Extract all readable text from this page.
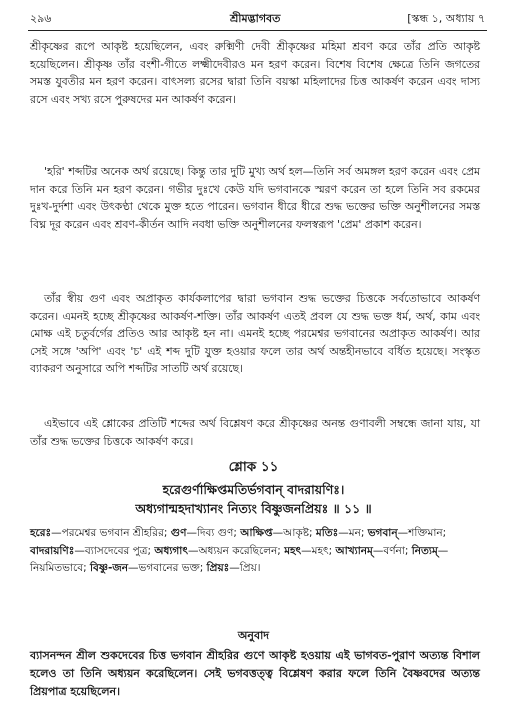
২৯৬	শ্রীমদ্ভাগবত	[স্কন্ধ ১, অধ্যায় ৭

শ্রীকৃষ্ণের রূপে আকৃষ্ট হয়েছিলেন, এবং রুক্মিণী দেবী শ্রীকৃষ্ণের মহিমা শ্রবণ করে তাঁর প্রতি আকৃষ্ট হয়েছিলেন। শ্রীকৃষ্ণ তাঁর বংশী-গীতে লক্ষ্মীদেবীরও মন হরণ করেন। বিশেষ বিশেষ ক্ষেত্রে তিনি জগতের সমস্ত যুবতীর মন হরণ করেন। বাৎসল্য রসের দ্বারা তিনি বয়স্কা মহিলাদের চিত্ত আকর্ষণ করেন এবং দাস্য রসে এবং সখ্য রসে পুরুষদের মন আকর্ষণ করেন।

'হরি' শব্দটির অনেক অর্থ রয়েছে। কিন্তু তার দুটি মুখ্য অর্থ হল—তিনি সর্ব অমঙ্গল হরণ করেন এবং প্রেম দান করে তিনি মন হরণ করেন। গভীর দুঃখে কেউ যদি ভগবানকে স্মরণ করেন তা হলে তিনি সব রকমের দুঃখ-দুর্দশা এবং উৎকণ্ঠা থেকে মুক্ত হতে পারেন। ভগবান ধীরে ধীরে শুদ্ধ ভক্তের ভক্তি অনুশীলনের সমস্ত বিঘ্ন দূর করেন এবং শ্রবণ-কীর্তন আদি নবধা ভক্তি অনুশীলনের ফলস্বরূপ 'প্রেম' প্রকাশ করেন।

তাঁর স্বীয় গুণ এবং অপ্রাকৃত কার্যকলাপের দ্বারা ভগবান শুদ্ধ ভক্তের চিত্তকে সর্বতোভাবে আকর্ষণ করেন। এমনই হচ্ছে শ্রীকৃষ্ণের আকর্ষণ-শক্তি। তাঁর আকর্ষণ এতই প্রবল যে শুদ্ধ ভক্ত ধর্ম, অর্থ, কাম এবং মোক্ষ এই চতুর্বর্গের প্রতিও আর আকৃষ্ট হন না। এমনই হচ্ছে পরমেশ্বর ভগবানের অপ্রাকৃত আকর্ষণ। আর সেই সঙ্গে 'অপি' এবং 'চ' এই শব্দ দুটি যুক্ত হওয়ার ফলে তার অর্থ অন্তহীনভাবে বর্ধিত হয়েছে। সংস্কৃত ব্যাকরণ অনুসারে অপি শব্দটির সাতটি অর্থ রয়েছে।

এইভাবে এই শ্লোকের প্রতিটি শব্দের অর্থ বিশ্লেষণ করে শ্রীকৃষ্ণের অনন্ত গুণাবলী সম্বন্ধে জানা যায়, যা তাঁর শুদ্ধ ভক্তের চিত্তকে আকর্ষণ করে।

শ্লোক ১১
হরেগুর্ণাক্ষিপ্তমতির্ভগবান্ বাদরায়ণিঃ।
অধ্যগান্মহদাখ্যানং নিত্যং বিষ্ণুজনপ্রিয়ঃ ॥ ১১ ॥

হরেঃ—পরমেশ্বর ভগবান শ্রীহরির; গুণ—দিব্য গুণ; আক্ষিপ্ত—আকৃষ্ট; মতিঃ—মন; ভগবান্—শক্তিমান; বাদরায়ণিঃ—ব্যাসদেবের পুত্র; অধ্যগাৎ—অধ্যয়ন করেছিলেন; মহৎ—মহৎ; আখ্যানম্—বর্ণনা; নিত্যম্—নিয়মিতভাবে; বিষ্ণু-জন—ভগবানের ভক্ত; প্রিয়ঃ—প্রিয়।

অনুবাদ

ব্যাসনন্দন শ্রীল শুকদেবের চিত্ত ভগবান শ্রীহরির গুণে আকৃষ্ট হওয়ায় এই ভাগবত-পুরাণ অত্যন্ত বিশাল হলেও তা তিনি অধ্যয়ন করেছিলেন। সেই ভগবত্তত্ত্ব বিশ্লেষণ করার ফলে তিনি বৈষ্ণবদের অত্যন্ত প্রিয়পাত্র হয়েছিলেন।
